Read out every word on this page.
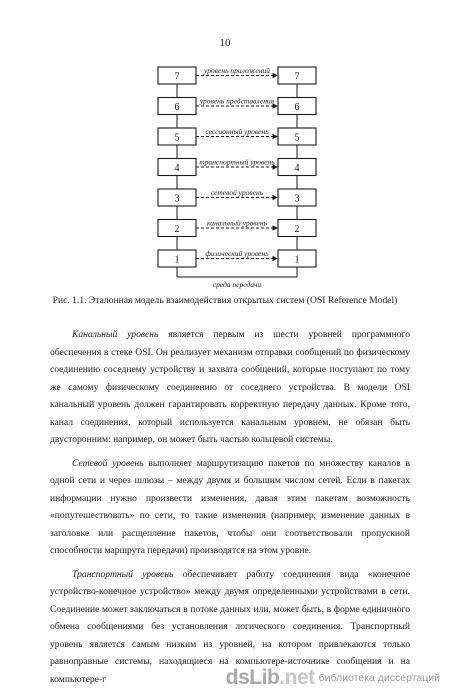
10
среда передачи
7	7
уровень приложений
6	6
уровень представления
5	5
сессионный уровень
4	4
транспортный уровень
3	3
сетевой уровень
2	2
канальный уровень
1	1
физический уровень
Рис. 1.1. Эталонная модель взаимодействия открытых систем (OSI Reference Model)

Канальный уровень является первым из шести уровней программного обеспечения в стеке OSI. Он реализует механизм отправки сообщений по физическому соединению соседнему устройству и захвата сообщений, которые поступают по тому же самому физическому соединению от соседнего устройства. В модели OSI канальный уровень должен гарантировать корректную передачу данных. Кроме того, канал соединения, который используется канальным уровнем, не обязан быть двусторонним: например, он может быть частью кольцевой системы.

Сетевой уровень выполняет маршрутизацию пакетов по множеству каналов в одной сети и через шлюзы – между двумя и большим числом сетей. Если в пакетах информации нужно произвести изменения, давая этим пакетам возможность «попутешествовать» по сети, то такие изменения (например, изменение данных в заголовке или расщепление пакетов, чтобы они соответствовали пропускной способности маршрута передачи) производятся на этом уровне.

Транспортный уровень обеспечивает работу соединения вида «конечное устройство-конечное устройство» между двумя определенными устройствами в сети. Соединение может заключаться в потоке данных или, может быть, в форме единичного обмена сообщениями без установления логического соединения. Транспортный уровень является самым низким из уровней, на котором привлекаются только равноправные системы, находящиеся на компьютере-источнике сообщения и на компьютере-г	dsLib.net библиотека диссертаций
